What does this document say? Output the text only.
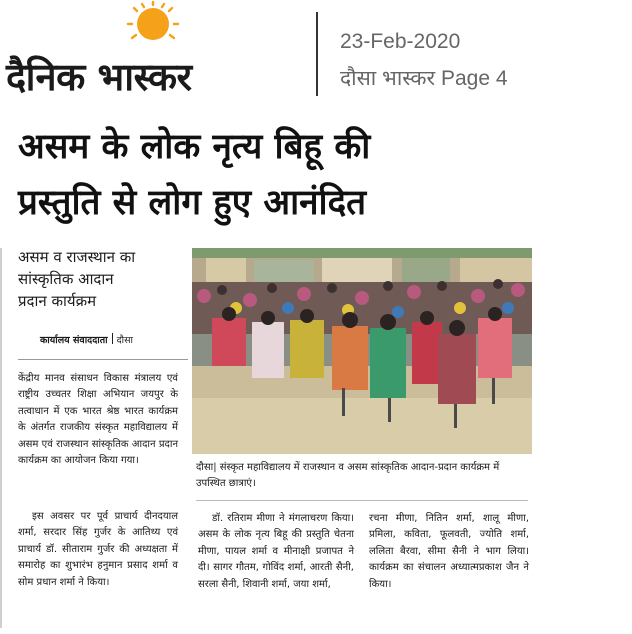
दैनिक भास्कर
23-Feb-2020
दौसा भास्कर Page 4
असम के लोक नृत्य बिहू की
प्रस्तुति से लोग हुए आनंदित
असम व राजस्थान का
सांस्कृतिक आदान
प्रदान कार्यक्रम
कार्यालय संवाददाता दौसा
केंद्रीय मानव संसाधन विकास मंत्रालय एवं राष्ट्रीय उच्चतर शिक्षा अभियान जयपुर के तत्वाधान में एक भारत श्रेष्ठ भारत कार्यक्रम के अंतर्गत राजकीय संस्कृत महाविद्यालय में असम एवं राजस्थान सांस्कृतिक आदान प्रदान कार्यक्रम का आयोजन किया गया।
इस अवसर पर पूर्व प्राचार्य दीनदयाल शर्मा, सरदार सिंह गुर्जर के आतिथ्य एवं प्राचार्य डॉ. सीताराम गुर्जर की अध्यक्षता में समारोह का शुभारंभ हनुमान प्रसाद शर्मा व सोम प्रधान शर्मा ने किया।
दौसा| संस्कृत महाविद्यालय में राजस्थान व असम सांस्कृतिक आदान-प्रदान कार्यक्रम में उपस्थित छात्राएं।
डॉ. रतिराम मीणा ने मंगलाचरण किया। असम के लोक नृत्य बिहू की प्रस्तुति चेतना मीणा, पायल शर्मा व मीनाक्षी प्रजापत ने दी। सागर गौतम, गोविंद शर्मा, आरती सैनी, सरला सैनी, शिवानी शर्मा, जया शर्मा,
रचना मीणा, नितिन शर्मा, शालू मीणा, प्रमिला, कविता, फूलवती, ज्योति शर्मा, ललिता बैरवा, सीमा सैनी ने भाग लिया। कार्यक्रम का संचालन अध्यात्मप्रकाश जैन ने किया।
